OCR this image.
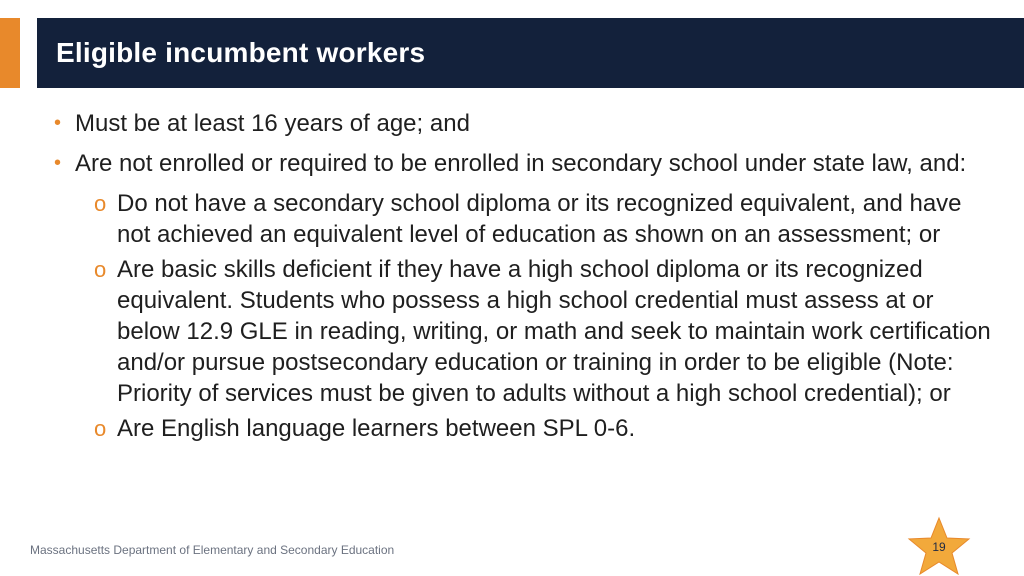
Eligible incumbent workers
• Must be at least 16 years of age; and
• Are not enrolled or required to be enrolled in secondary school under state law, and:
o Do not have a secondary school diploma or its recognized equivalent, and have not achieved an equivalent level of education as shown on an assessment; or
o Are basic skills deficient if they have a high school diploma or its recognized equivalent. Students who possess a high school credential must assess at or below 12.9 GLE in reading, writing, or math and seek to maintain work certification and/or pursue postsecondary education or training in order to be eligible (Note: Priority of services must be given to adults without a high school credential); or
o Are English language learners between SPL 0-6.
Massachusetts Department of Elementary and Secondary Education	19
